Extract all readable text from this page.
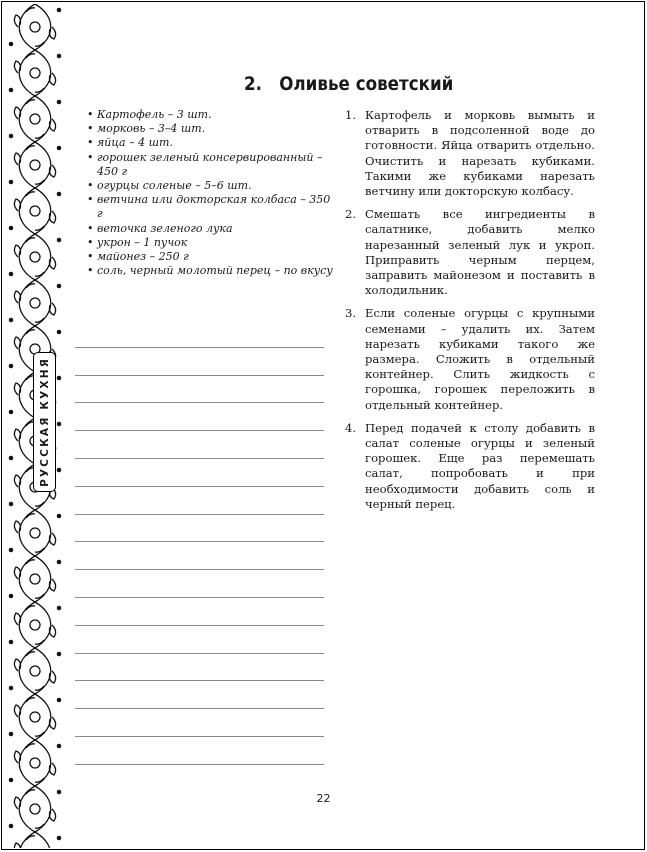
РУССКАЯ КУХНЯ
2. Оливье советский
• Картофель – 3 шт.
• морковь – 3–4 шт.
• яйца – 4 шт.
• горошек зеленый консервированный – 450 г
• огурцы соленые – 5–6 шт.
• ветчина или докторская колбаса – 350 г
• веточка зеленого лука
• укрон – 1 пучок
• майонез – 250 г
• соль, черный молотый перец – по вкусу
1. Картофель и морковь вымыть и отварить в подсоленной воде до готовности. Яйца отварить отдельно. Очистить и нарезать кубиками. Такими же кубиками нарезать ветчину или докторскую колбасу.
2. Смешать все ингредиенты в салатнике, добавить мелко нарезанный зеленый лук и укроп. Приправить черным перцем, заправить майонезом и поставить в холодильник.
3. Если соленые огурцы с крупными семенами – удалить их. Затем нарезать кубиками такого же размера. Сложить в отдельный контейнер. Слить жидкость с горошка, горошек переложить в отдельный контейнер.
4. Перед подачей к столу добавить в салат соленые огурцы и зеленый горошек. Еще раз перемешать салат, попробовать и при необходимости добавить соль и черный перец.
22
